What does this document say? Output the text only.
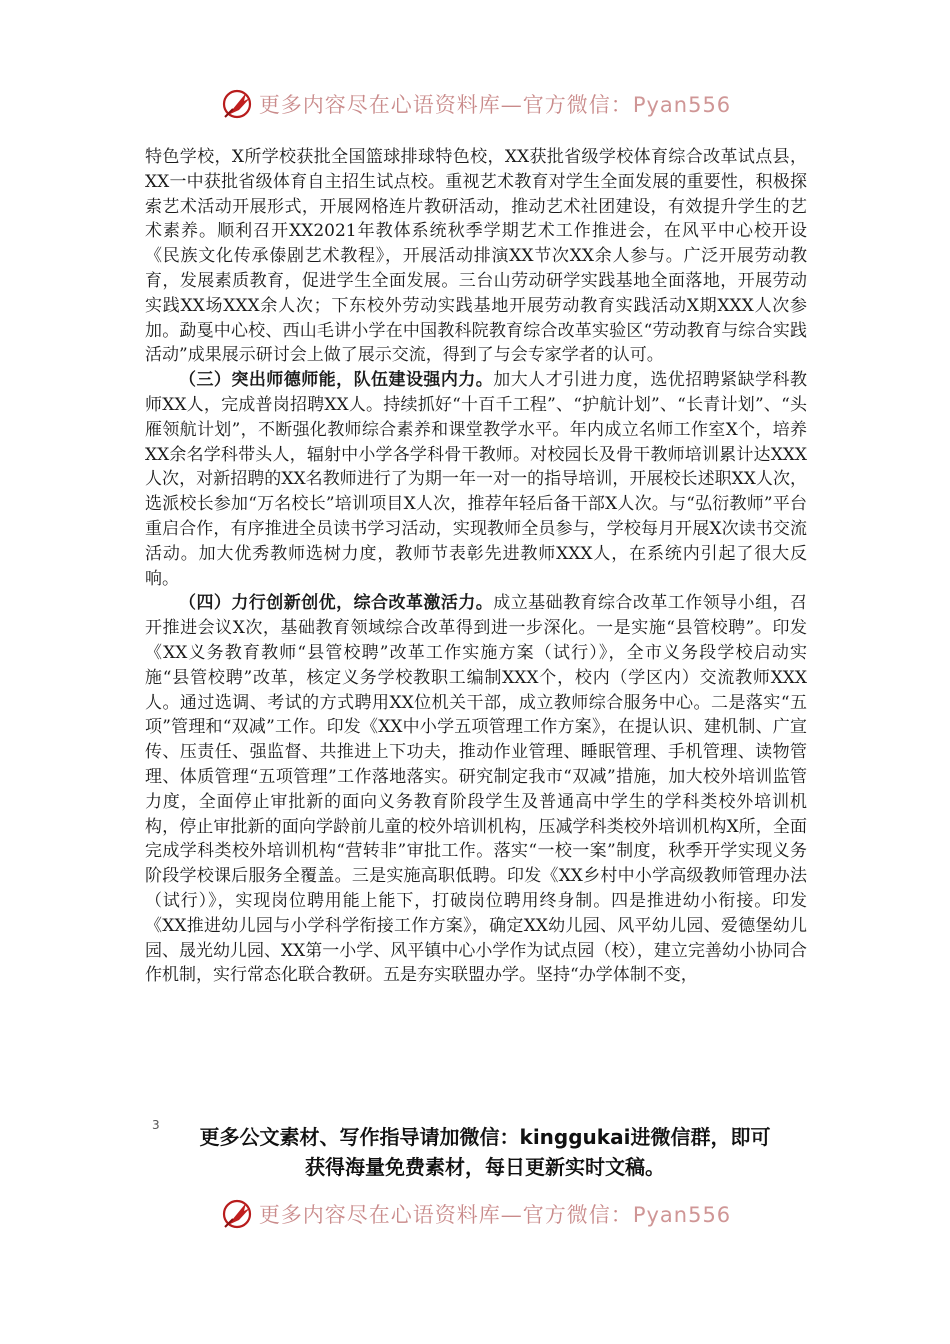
更多内容尽在心语资料库—官方微信：Pyan556

特色学校，X所学校获批全国篮球排球特色校，XX获批省级学校体育综合改革试点县，XX一中获批省级体育自主招生试点校。重视艺术教育对学生全面发展的重要性，积极探索艺术活动开展形式，开展网格连片教研活动，推动艺术社团建设，有效提升学生的艺术素养。顺利召开XX2021年教体系统秋季学期艺术工作推进会，在风平中心校开设《民族文化传承傣剧艺术教程》，开展活动排演XX节次XX余人参与。广泛开展劳动教育，发展素质教育，促进学生全面发展。三台山劳动研学实践基地全面落地，开展劳动实践XX场XXX余人次；下东校外劳动实践基地开展劳动教育实践活动X期XXX人次参加。勐戛中心校、西山毛讲小学在中国教科院教育综合改革实验区“劳动教育与综合实践活动”成果展示研讨会上做了展示交流，得到了与会专家学者的认可。

（三）突出师德师能，队伍建设强内力。加大人才引进力度，选优招聘紧缺学科教师XX人，完成普岗招聘XX人。持续抓好“十百千工程”、“护航计划”、“长青计划”、“头雁领航计划”，不断强化教师综合素养和课堂教学水平。年内成立名师工作室X个，培养XX余名学科带头人，辐射中小学各学科骨干教师。对校园长及骨干教师培训累计达XXX人次，对新招聘的XX名教师进行了为期一年一对一的指导培训，开展校长述职XX人次，选派校长参加“万名校长”培训项目X人次，推荐年轻后备干部X人次。与“弘衍教师”平台重启合作，有序推进全员读书学习活动，实现教师全员参与，学校每月开展X次读书交流活动。加大优秀教师选树力度，教师节表彰先进教师XXX人，在系统内引起了很大反响。

（四）力行创新创优，综合改革激活力。成立基础教育综合改革工作领导小组，召开推进会议X次，基础教育领域综合改革得到进一步深化。一是实施“县管校聘”。印发《XX义务教育教师“县管校聘”改革工作实施方案（试行）》，全市义务段学校启动实施“县管校聘”改革，核定义务学校教职工编制XXX个，校内（学区内）交流教师XXX人。通过选调、考试的方式聘用XX位机关干部，成立教师综合服务中心。二是落实“五项”管理和“双减”工作。印发《XX中小学五项管理工作方案》，在提认识、建机制、广宣传、压责任、强监督、共推进上下功夫，推动作业管理、睡眠管理、手机管理、读物管理、体质管理“五项管理”工作落地落实。研究制定我市“双减”措施，加大校外培训监管力度，全面停止审批新的面向义务教育阶段学生及普通高中学生的学科类校外培训机构，停止审批新的面向学龄前儿童的校外培训机构，压减学科类校外培训机构X所，全面完成学科类校外培训机构“营转非”审批工作。落实“一校一案”制度，秋季开学实现义务阶段学校课后服务全覆盖。三是实施高职低聘。印发《XX乡村中小学高级教师管理办法（试行）》，实现岗位聘用能上能下，打破岗位聘用终身制。四是推进幼小衔接。印发《XX推进幼儿园与小学科学衔接工作方案》，确定XX幼儿园、风平幼儿园、爱德堡幼儿园、晟光幼儿园、XX第一小学、风平镇中心小学作为试点园（校），建立完善幼小协同合作机制，实行常态化联合教研。五是夯实联盟办学。坚持“办学体制不变，

3	更多公文素材、写作指导请加微信：kinggukai进微信群，即可
获得海量免费素材，每日更新实时文稿。
更多内容尽在心语资料库—官方微信：Pyan556
